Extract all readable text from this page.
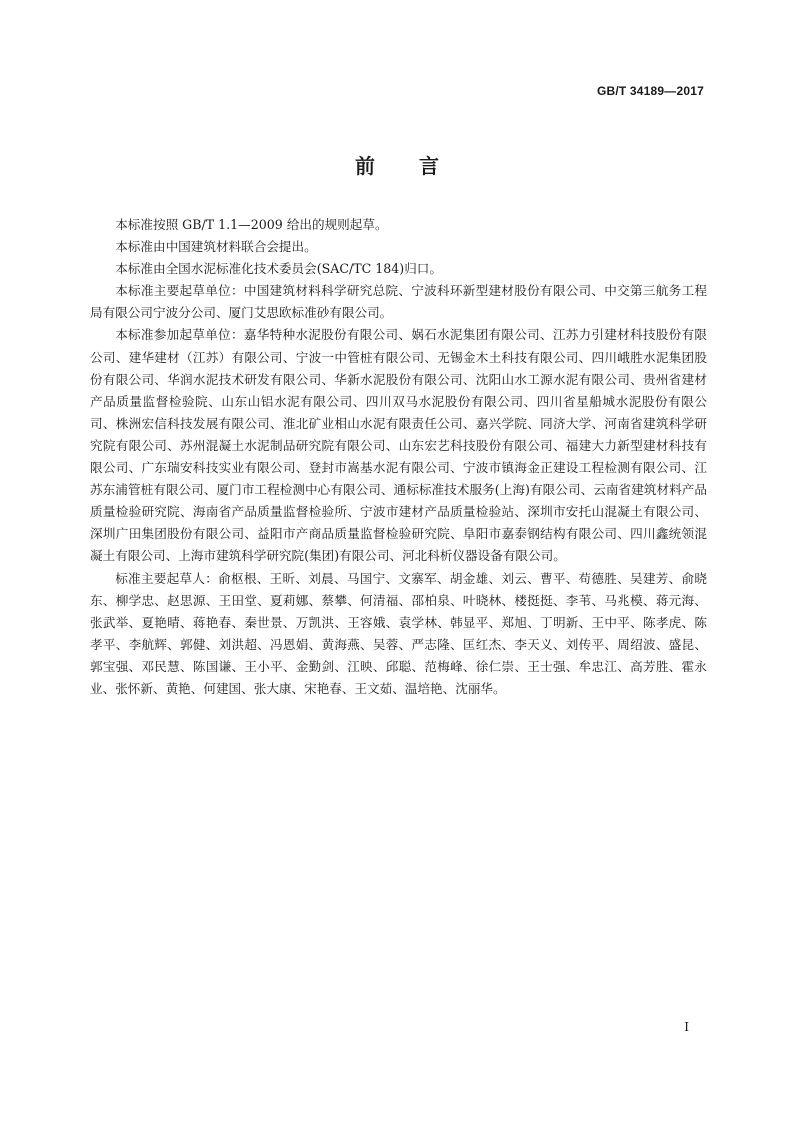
GB/T 34189—2017
前言

本标准按照 GB/T 1.1—2009 给出的规则起草。

本标准由中国建筑材料联合会提出。

本标准由全国水泥标准化技术委员会(SAC/TC 184)归口。

本标准主要起草单位：中国建筑材料科学研究总院、宁波科环新型建材股份有限公司、中交第三航务工程局有限公司宁波分公司、厦门艾思欧标准砂有限公司。

本标准参加起草单位：嘉华特种水泥股份有限公司、娲石水泥集团有限公司、江苏力引建材科技股份有限公司、建华建材（江苏）有限公司、宁波一中管桩有限公司、无锡金木土科技有限公司、四川峨胜水泥集团股份有限公司、华润水泥技术研发有限公司、华新水泥股份有限公司、沈阳山水工源水泥有限公司、贵州省建材产品质量监督检验院、山东山铝水泥有限公司、四川双马水泥股份有限公司、四川省星船城水泥股份有限公司、株洲宏信科技发展有限公司、淮北矿业相山水泥有限责任公司、嘉兴学院、同济大学、河南省建筑科学研究院有限公司、苏州混凝土水泥制品研究院有限公司、山东宏艺科技股份有限公司、福建大力新型建材科技有限公司、广东瑞安科技实业有限公司、登封市嵩基水泥有限公司、宁波市镇海金正建设工程检测有限公司、江苏东浦管桩有限公司、厦门市工程检测中心有限公司、通标标准技术服务(上海)有限公司、云南省建筑材料产品质量检验研究院、海南省产品质量监督检验所、宁波市建材产品质量检验站、深圳市安托山混凝土有限公司、深圳广田集团股份有限公司、益阳市产商品质量监督检验研究院、阜阳市嘉泰钢结构有限公司、四川鑫统领混凝土有限公司、上海市建筑科学研究院(集团)有限公司、河北科析仪器设备有限公司。

标准主要起草人：俞枢根、王昕、刘晨、马国宁、文寨军、胡金雄、刘云、曹平、苟德胜、吴建芳、俞晓东、柳学忠、赵思源、王田堂、夏莉娜、蔡攀、何清福、邵柏泉、叶晓林、楼挺挺、李苇、马兆模、蒋元海、张武举、夏艳晴、蒋艳春、秦世景、万凯洪、王容娥、袁学林、韩显平、郑旭、丁明新、王中平、陈孝虎、陈孝平、李航辉、郭健、刘洪超、冯恩娟、黄海燕、吴蓉、严志隆、匡红杰、李天义、刘传平、周绍波、盛昆、郭宝强、邓民慧、陈国谦、王小平、金勤剑、江映、邱聪、范梅峰、徐仁崇、王士强、牟忠江、高芳胜、霍永业、张怀新、黄艳、何建国、张大康、宋艳春、王文茹、温培艳、沈丽华。

I
